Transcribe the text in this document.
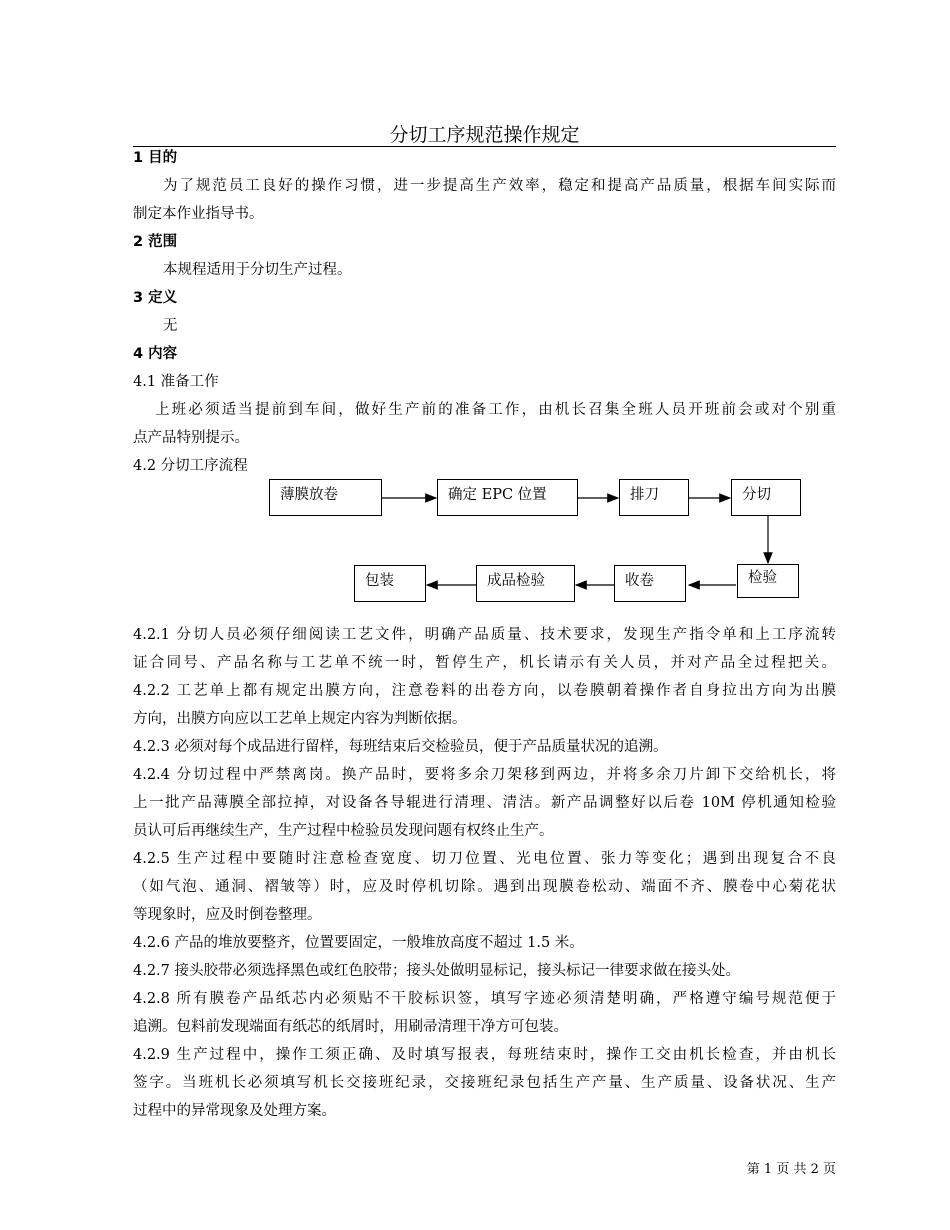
分切工序规范操作规定
1 目的
为了规范员工良好的操作习惯，进一步提高生产效率，稳定和提高产品质量，根据车间实际而
制定本作业指导书。
2 范围
本规程适用于分切生产过程。
3 定义
无
4 内容
4.1 准备工作
上班必须适当提前到车间，做好生产前的准备工作，由机长召集全班人员开班前会或对个别重
点产品特别提示。
4.2 分切工序流程
薄膜放卷	确定 EPC 位置	排刀	分切
检验
收卷
成品检验
包装
4.2.1 分切人员必须仔细阅读工艺文件，明确产品质量、技术要求，发现生产指令单和上工序流转
证合同号、产品名称与工艺单不统一时，暂停生产，机长请示有关人员，并对产品全过程把关。
4.2.2 工艺单上都有规定出膜方向，注意卷料的出卷方向，以卷膜朝着操作者自身拉出方向为出膜
方向，出膜方向应以工艺单上规定内容为判断依据。
4.2.3 必须对每个成品进行留样，每班结束后交检验员，便于产品质量状况的追溯。
4.2.4 分切过程中严禁离岗。换产品时，要将多余刀架移到两边，并将多余刀片卸下交给机长，将
上一批产品薄膜全部拉掉，对设备各导辊进行清理、清洁。新产品调整好以后卷 10M 停机通知检验
员认可后再继续生产，生产过程中检验员发现问题有权终止生产。
4.2.5 生产过程中要随时注意检查宽度、切刀位置、光电位置、张力等变化；遇到出现复合不良
（如气泡、通洞、褶皱等）时，应及时停机切除。遇到出现膜卷松动、端面不齐、膜卷中心菊花状
等现象时，应及时倒卷整理。
4.2.6 产品的堆放要整齐，位置要固定，一般堆放高度不超过 1.5 米。
4.2.7 接头胶带必须选择黑色或红色胶带；接头处做明显标记，接头标记一律要求做在接头处。
4.2.8 所有膜卷产品纸芯内必须贴不干胶标识签，填写字迹必须清楚明确，严格遵守编号规范便于
追溯。包料前发现端面有纸芯的纸屑时，用刷帚清理干净方可包装。
4.2.9 生产过程中，操作工须正确、及时填写报表，每班结束时，操作工交由机长检查，并由机长
签字。当班机长必须填写机长交接班纪录，交接班纪录包括生产产量、生产质量、设备状况、生产
过程中的异常现象及处理方案。
第 1 页 共 2 页
